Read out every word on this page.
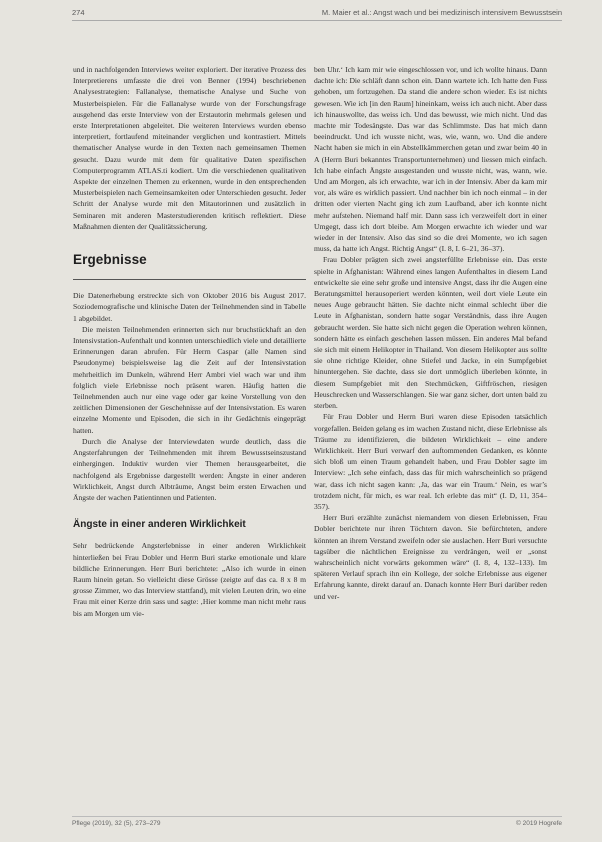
274	M. Maier et al.: Angst wach und bei medizinisch intensivem Bewusstsein

und in nachfolgenden Interviews weiter exploriert. Der iterative Prozess des Interpretierens umfasste die drei von Benner (1994) beschriebenen Analysestrategien: Fallanalyse, thematische Analyse und Suche von Musterbeispielen. Für die Fallanalyse wurde von der Forschungsfrage ausgehend das erste Interview von der Erstautorin mehrmals gelesen und erste Interpretationen abgeleitet. Die weiteren Interviews wurden ebenso interpretiert, fortlaufend miteinander verglichen und kontrastiert. Mittels thematischer Analyse wurde in den Texten nach gemeinsamen Themen gesucht. Dazu wurde mit dem für qualitative Daten spezifischen Computerprogramm ATLAS.ti kodiert. Um die verschiedenen qualitativen Aspekte der einzelnen Themen zu erkennen, wurde in den entsprechenden Musterbeispielen nach Gemeinsamkeiten oder Unterschieden gesucht. Jeder Schritt der Analyse wurde mit den Mitautorinnen und zusätzlich in Seminaren mit anderen Masterstudierenden kritisch reflektiert. Diese Maßnahmen dienten der Qualitätssicherung.

Ergebnisse

Die Datenerhebung erstreckte sich von Oktober 2016 bis August 2017. Soziodemografische und klinische Daten der Teilnehmenden sind in Tabelle 1 abgebildet.

Die meisten Teilnehmenden erinnerten sich nur bruchstückhaft an den Intensivstation-Aufenthalt und konnten unterschiedlich viele und detaillierte Erinnerungen daran abrufen. Für Herrn Caspar (alle Namen sind Pseudonyme) beispielsweise lag die Zeit auf der Intensivstation mehrheitlich im Dunkeln, während Herr Ambri viel wach war und ihm folglich viele Erlebnisse noch präsent waren. Häufig hatten die Teilnehmenden auch nur eine vage oder gar keine Vorstellung von den zeitlichen Dimensionen der Geschehnisse auf der Intensivstation. Es waren einzelne Momente und Episoden, die sich in ihr Gedächtnis eingeprägt hatten.

Durch die Analyse der Interviewdaten wurde deutlich, dass die Angsterfahrungen der Teilnehmenden mit ihrem Bewusstseinszustand einhergingen. Induktiv wurden vier Themen herausgearbeitet, die nachfolgend als Ergebnisse dargestellt werden: Ängste in einer anderen Wirklichkeit, Angst durch Albträume, Angst beim ersten Erwachen und Ängste der wachen Patientinnen und Patienten.

Ängste in einer anderen Wirklichkeit

Sehr bedrückende Angsterlebnisse in einer anderen Wirklichkeit hinterließen bei Frau Dobler und Herrn Buri starke emotionale und klare bildliche Erinnerungen. Herr Buri berichtete: „Also ich wurde in einen Raum hinein getan. So vielleicht diese Grösse (zeigte auf das ca. 8 x 8 m grosse Zimmer, wo das Interview stattfand), mit vielen Leuten drin, wo eine Frau mit einer Kerze drin sass und sagte: ‚Hier komme man nicht mehr raus bis am Morgen um vie-

ben Uhr.‘ Ich kam mir wie eingeschlossen vor, und ich wollte hinaus. Dann dachte ich: Die schläft dann schon ein. Dann wartete ich. Ich hatte den Fuss gehoben, um fortzugehen. Da stand die andere schon wieder. Es ist nichts gewesen. Wie ich [in den Raum] hineinkam, weiss ich auch nicht. Aber dass ich hinauswollte, das weiss ich. Und das bewusst, wie mich nicht. Und das machte mir Todesängste. Das war das Schlimmste. Das hat mich dann beeindruckt. Und ich wusste nicht, was, wie, wann, wo. Und die andere Nacht haben sie mich in ein Abstellkämmerchen getan und zwar beim 40 in A (Herrn Buri bekanntes Transportunternehmen) und liessen mich einfach. Ich habe einfach Ängste ausgestanden und wusste nicht, was, wann, wie. Und am Morgen, als ich erwachte, war ich in der Intensiv. Aber da kam mir vor, als wäre es wirklich passiert. Und nachher bin ich noch einmal – in der dritten oder vierten Nacht ging ich zum Laufband, aber ich konnte nicht mehr aufstehen. Niemand half mir. Dann sass ich verzweifelt dort in einer Umgegt, dass ich dort bleibe. Am Morgen erwachte ich wieder und war wieder in der Intensiv. Also das sind so die drei Momente, wo ich sagen muss, da hatte ich Angst. Richtig Angst“ (I. 8, I. 6–21, 36–37).

Frau Dobler prägten sich zwei angsterfüllte Erlebnisse ein. Das erste spielte in Afghanistan: Während eines langen Aufenthaltes in diesem Land entwickelte sie eine sehr große und intensive Angst, dass ihr die Augen eine Beratungsmittel herausoperiert werden könnten, weil dort viele Leute ein neues Auge gebraucht hätten. Sie dachte nicht einmal schlecht über die Leute in Afghanistan, sondern hatte sogar Verständnis, dass ihre Augen gebraucht werden. Sie hatte sich nicht gegen die Operation wehren können, sondern hätte es einfach geschehen lassen müssen. Ein anderes Mal befand sie sich mit einem Helikopter in Thailand. Von diesem Helikopter aus sollte sie ohne richtige Kleider, ohne Stiefel und Jacke, in ein Sumpfgebiet hinuntergehen. Sie dachte, dass sie dort unmöglich überleben könnte, in diesem Sumpfgebiet mit den Stechmücken, Giftfröschen, riesigen Heuschrecken und Wasserschlangen. Sie war ganz sicher, dort unten bald zu sterben.

Für Frau Dobler und Herrn Buri waren diese Episoden tatsächlich vorgefallen. Beiden gelang es im wachen Zustand nicht, diese Erlebnisse als Träume zu identifizieren, die bildeten Wirklichkeit – eine andere Wirklichkeit. Herr Buri verwarf den auftommenden Gedanken, es könnte sich bloß um einen Traum gehandelt haben, und Frau Dobler sagte im Interview: „Ich sehe einfach, dass das für mich wahrscheinlich so prägend war, dass ich nicht sagen kann: ‚Ja, das war ein Traum.‘ Nein, es war’s trotzdem nicht, für mich, es war real. Ich erlebte das mit“ (I. D, 11, 354–357).

Herr Buri erzählte zunächst niemandem von diesen Erlebnissen, Frau Dobler berichtete nur ihren Töchtern davon. Sie befürchteten, andere könnten an ihrem Verstand zweifeln oder sie auslachen. Herr Buri versuchte tagsüber die nächtlichen Ereignisse zu verdrängen, weil er „sonst wahrscheinlich nicht vorwärts gekommen wäre“ (I. 8, 4, 132–133). Im späteren Verlauf sprach ihn ein Kollege, der solche Erlebnisse aus eigener Erfahrung kannte, direkt darauf an. Danach konnte Herr Buri darüber reden und ver-

Pflege (2019), 32 (5), 273–279	© 2019 Hogrefe
